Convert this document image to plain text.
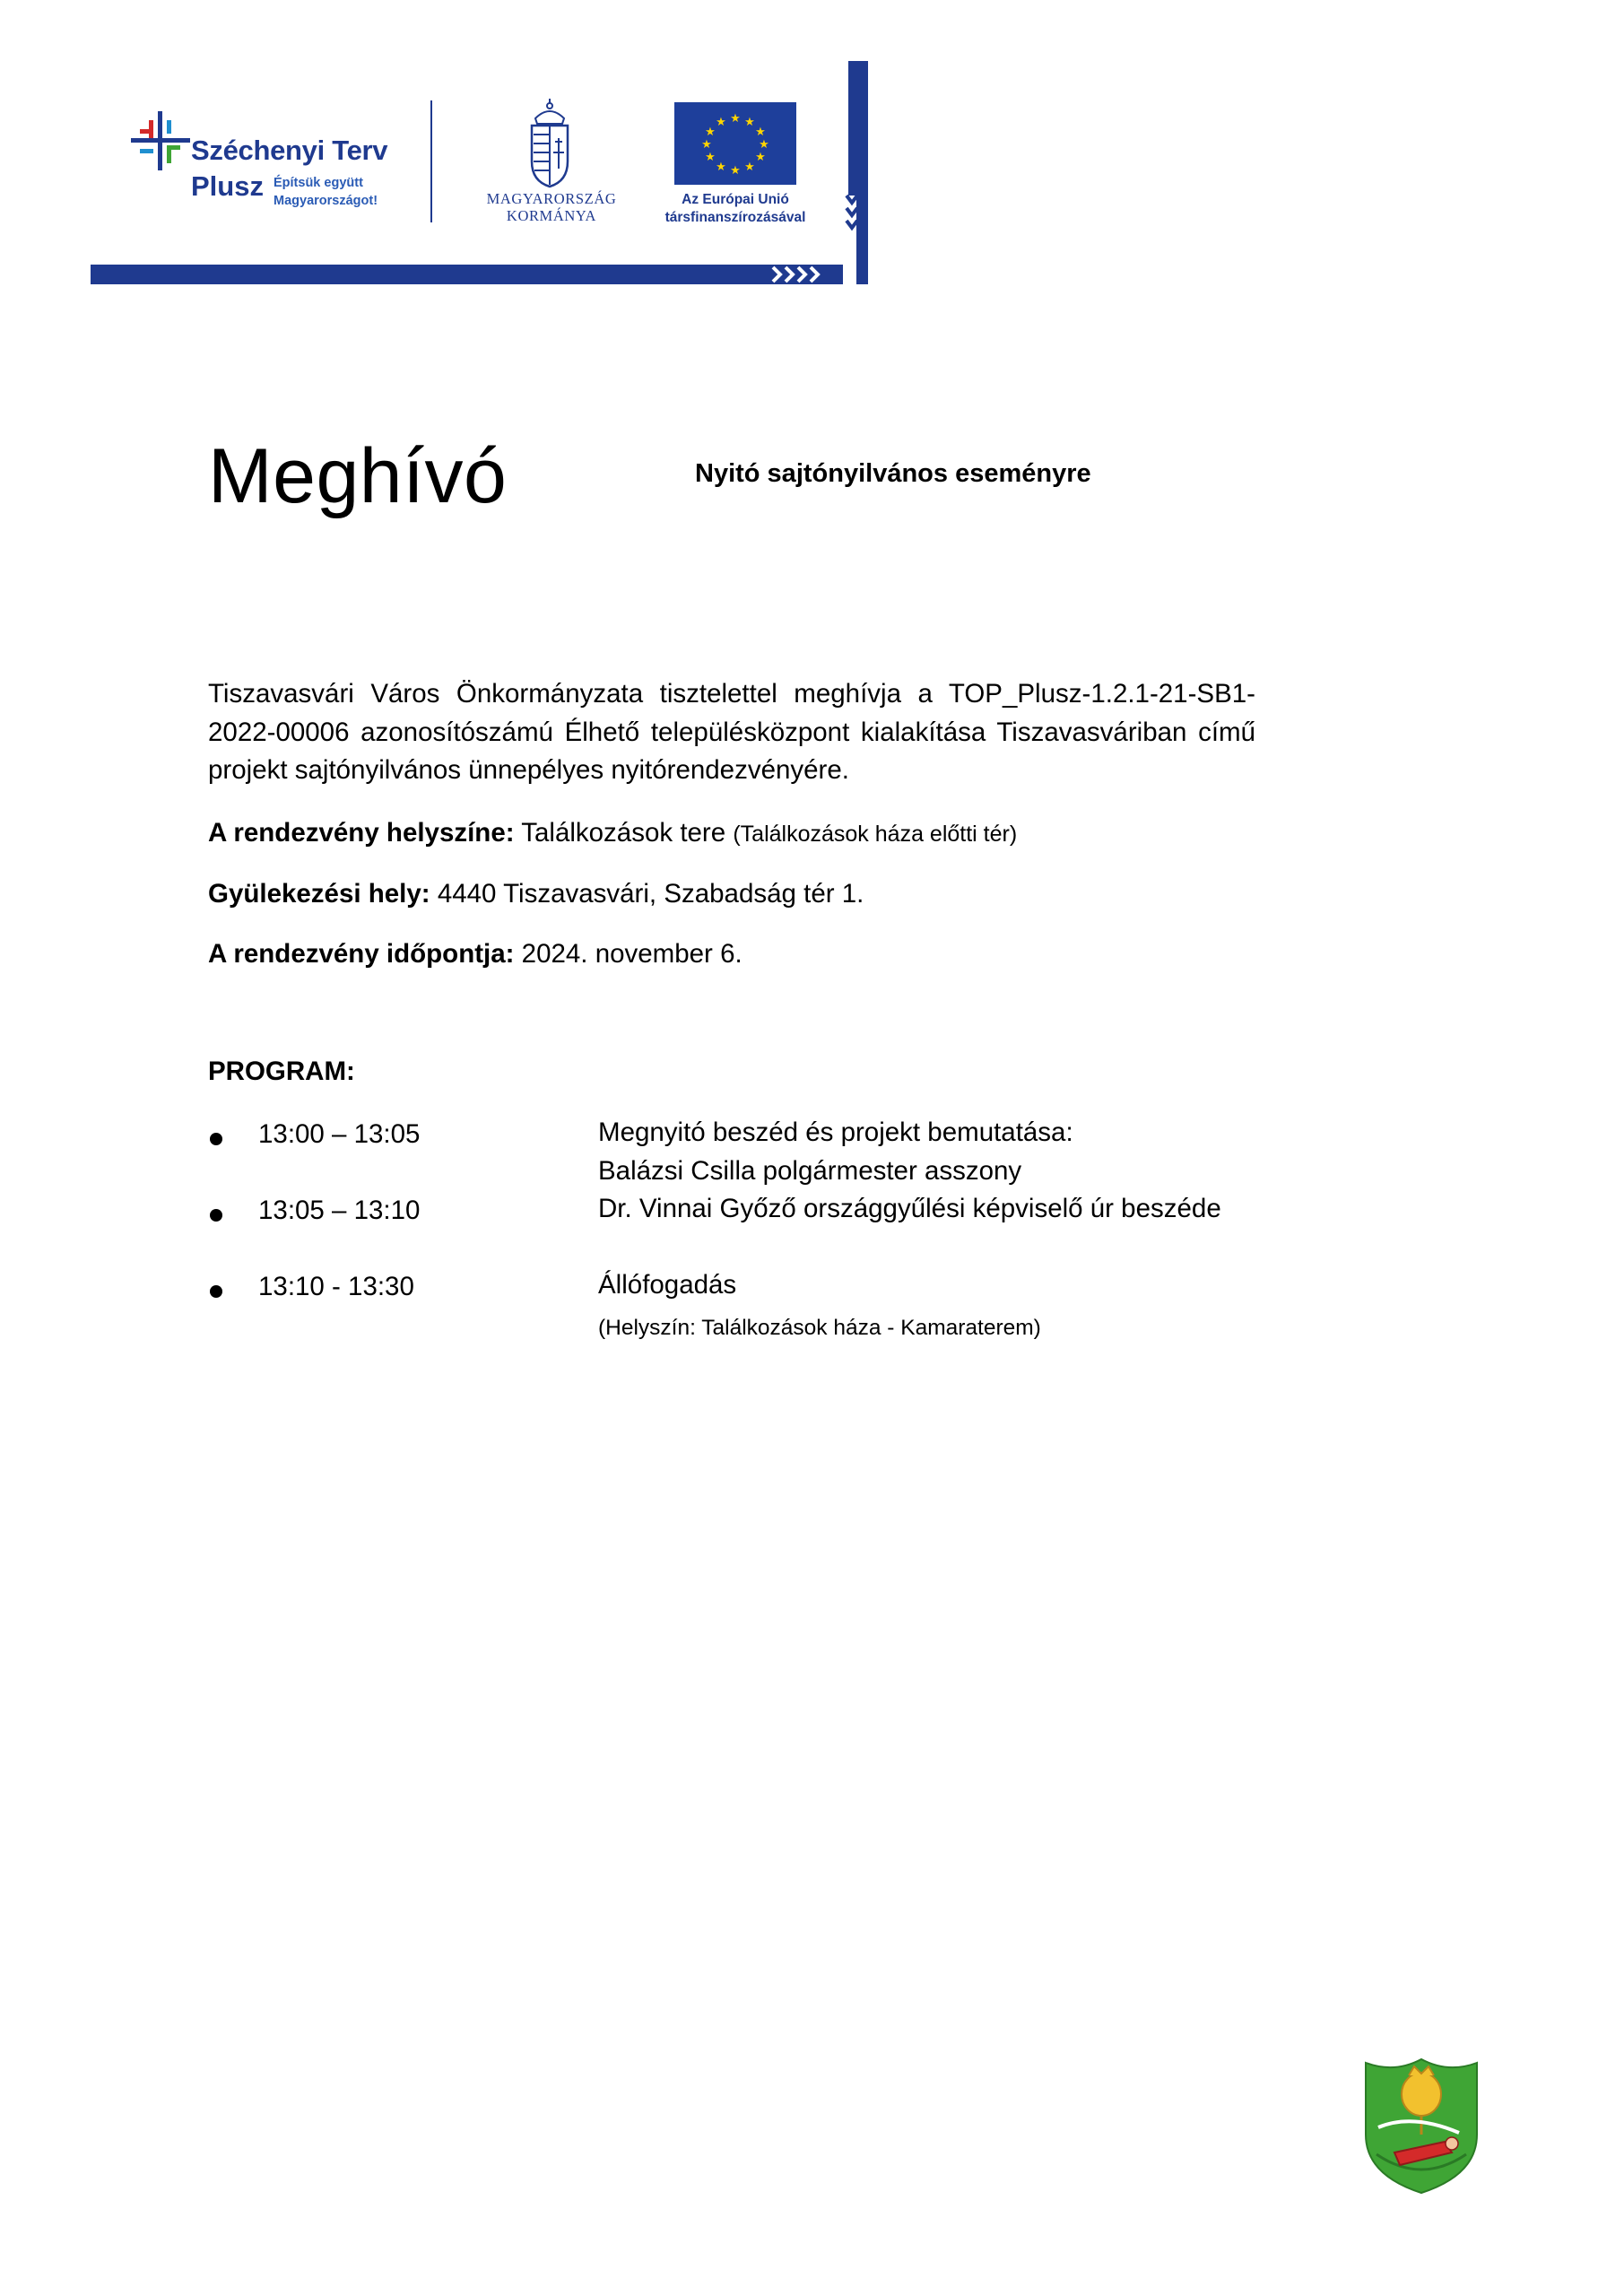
Széchenyi Terv
Plusz Építsük együtt
Magyarországot!	MAGYARORSZÁG
KORMÁNYA
★ ★
★
★
★
★
★
★
★
★
★
★
Az Európai Unió
társfinanszírozásával
Meghívó	Nyitó sajtónyilvános eseményre
Tiszavasvári Város Önkormányzata tisztelettel meghívja a TOP_Plusz-1.2.1-21-SB1-2022-00006 azonosítószámú Élhető településközpont kialakítása Tiszavasváriban című projekt sajtónyilvános ünnepélyes nyitórendezvényére.
A rendezvény helyszíne: Találkozások tere (Találkozások háza előtti tér)
Gyülekezési hely: 4440 Tiszavasvári, Szabadság tér 1.
A rendezvény időpontja: 2024. november 6.
PROGRAM:
13:00 – 13:05	Megnyitó beszéd és projekt bemutatása:
Balázsi Csilla polgármester asszony
13:05 – 13:10	Dr. Vinnai Győző országgyűlési képviselő úr beszéde
13:10 - 13:30	Állófogadás
(Helyszín: Találkozások háza - Kamaraterem)
